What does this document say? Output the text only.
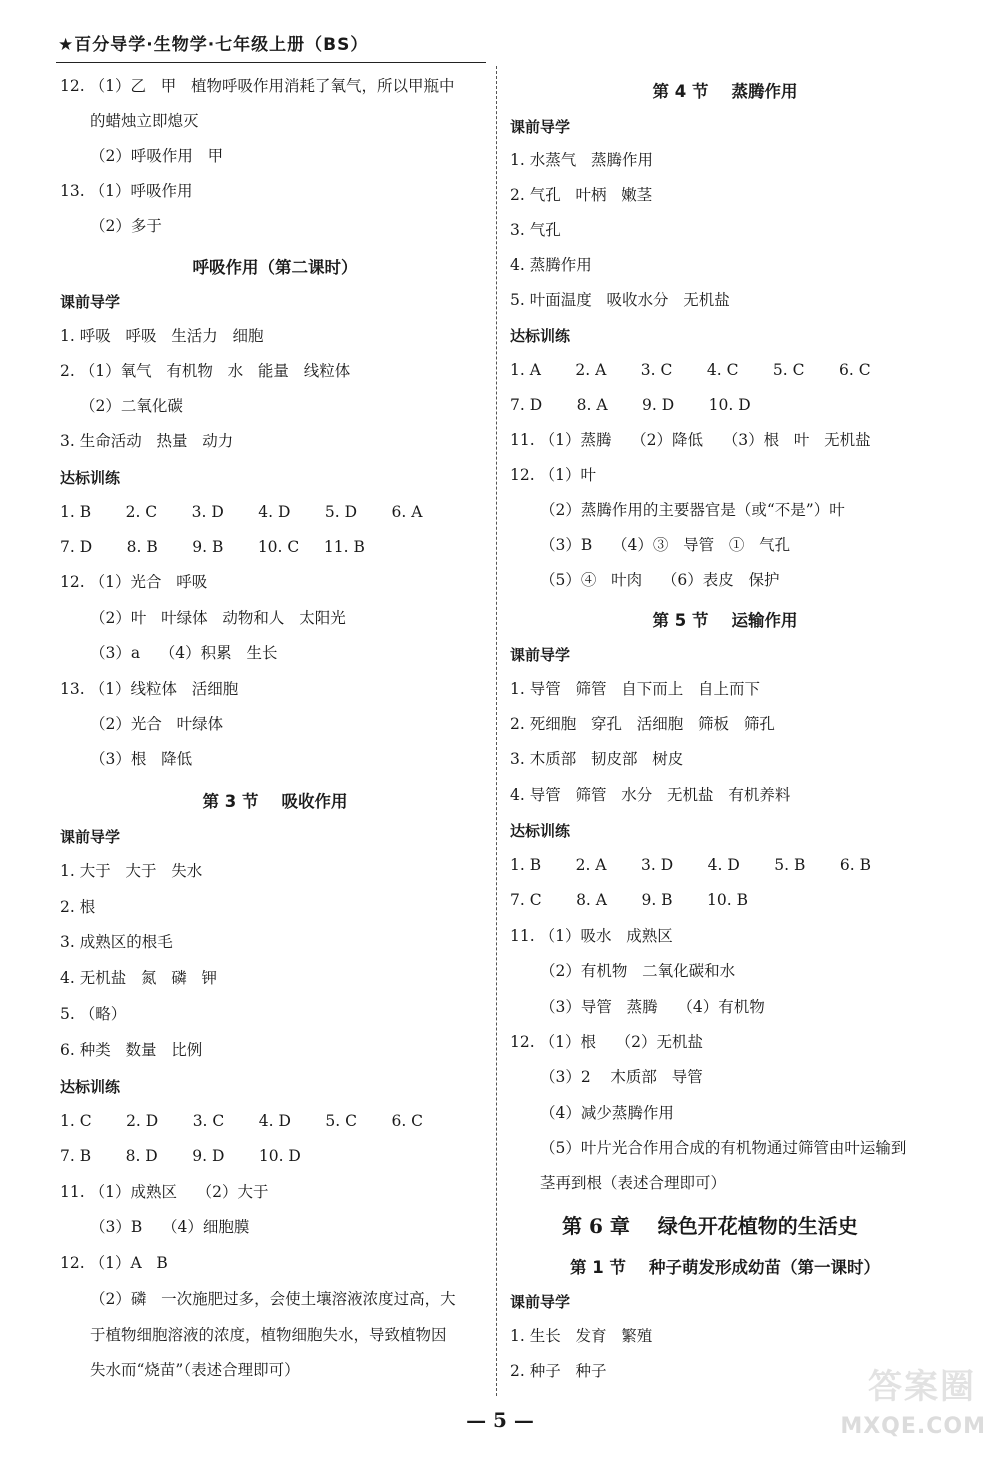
★百分导学·生物学·七年级上册（BS）
12. （1）乙   甲   植物呼吸作用消耗了氧气，所以甲瓶中
的蜡烛立即熄灭
（2）呼吸作用   甲
13. （1）呼吸作用
（2）多于
呼吸作用（第二课时）
课前导学
1. 呼吸   呼吸   生活力   细胞
2. （1）氧气   有机物   水   能量   线粒体
（2）二氧化碳
3. 生命活动   热量   动力
达标训练
1. B       2. C       3. D       4. D       5. D       6. A
7. D       8. B       9. B       10. C     11. B
12. （1）光合   呼吸
（2）叶   叶绿体   动物和人   太阳光
（3）a    （4）积累   生长
13. （1）线粒体   活细胞
（2）光合   叶绿体
（3）根   降低
第 3 节    吸收作用
课前导学
1. 大于   大于   失水
2. 根
3. 成熟区的根毛
4. 无机盐   氮   磷   钾
5. （略）
6. 种类   数量   比例
达标训练
1. C       2. D       3. C       4. D       5. C       6. C
7. B       8. D       9. D       10. D
11. （1）成熟区    （2）大于
（3）B    （4）细胞膜
12. （1）A   B
（2）磷   一次施肥过多，会使土壤溶液浓度过高，大
于植物细胞溶液的浓度，植物细胞失水，导致植物因
失水而“烧苗”（表述合理即可）
第 4 节    蒸腾作用
课前导学
1. 水蒸气   蒸腾作用
2. 气孔   叶柄   嫩茎
3. 气孔
4. 蒸腾作用
5. 叶面温度   吸收水分   无机盐
达标训练
1. A       2. A       3. C       4. C       5. C       6. C
7. D       8. A       9. D       10. D
11. （1）蒸腾    （2）降低    （3）根   叶   无机盐
12. （1）叶
（2）蒸腾作用的主要器官是（或“不是”）叶
（3）B    （4）③   导管   ①   气孔
（5）④   叶肉    （6）表皮   保护
第 5 节    运输作用
课前导学
1. 导管   筛管   自下而上   自上而下
2. 死细胞   穿孔   活细胞   筛板   筛孔
3. 木质部   韧皮部   树皮
4. 导管   筛管   水分   无机盐   有机养料
达标训练
1. B       2. A       3. D       4. D       5. B       6. B
7. C       8. A       9. B       10. B
11. （1）吸水   成熟区
（2）有机物   二氧化碳和水
（3）导管   蒸腾    （4）有机物
12. （1）根    （2）无机盐
（3）2    木质部   导管
（4）减少蒸腾作用
（5）叶片光合作用合成的有机物通过筛管由叶运输到
茎再到根（表述合理即可）
第 6 章    绿色开花植物的生活史
第 1 节    种子萌发形成幼苗（第一课时）
课前导学
1. 生长   发育   繁殖
2. 种子   种子
— 5 —
答案圈
MXQE.COM
